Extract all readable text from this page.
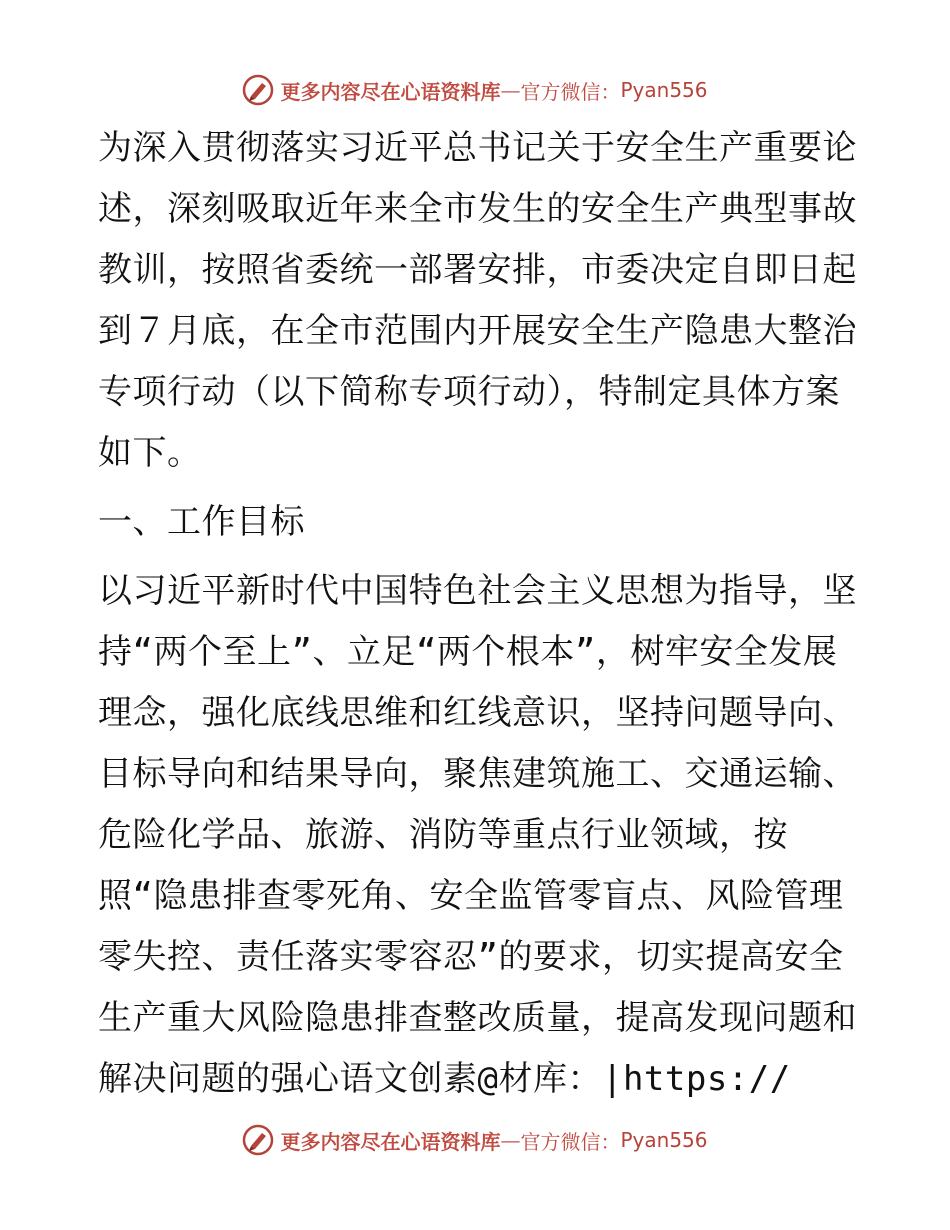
更多内容尽在心语资料库 — 官方微信： Pyan556

为深入贯彻落实习近平总书记关于安全生产重要论述，深刻吸取近年来全市发生的安全生产典型事故教训，按照省委统一部署安排，市委决定自即日起到７月底，在全市范围内开展安全生产隐患大整治专项行动（以下简称专项行动），特制定具体方案如下。

一、工作目标

以习近平新时代中国特色社会主义思想为指导，坚持“两个至上”、立足“两个根本”，树牢安全发展理念，强化底线思维和红线意识，坚持问题导向、目标导向和结果导向，聚焦建筑施工、交通运输、危险化学品、旅游、消防等重点行业领域，按照“隐患排查零死角、安全监管零盲点、风险管理零失控、责任落实零容忍”的要求，切实提高安全生产重大风险隐患排查整改质量，提高发现问题和解决问题的强心语文创素@材库：|https://

更多内容尽在心语资料库 — 官方微信： Pyan556
